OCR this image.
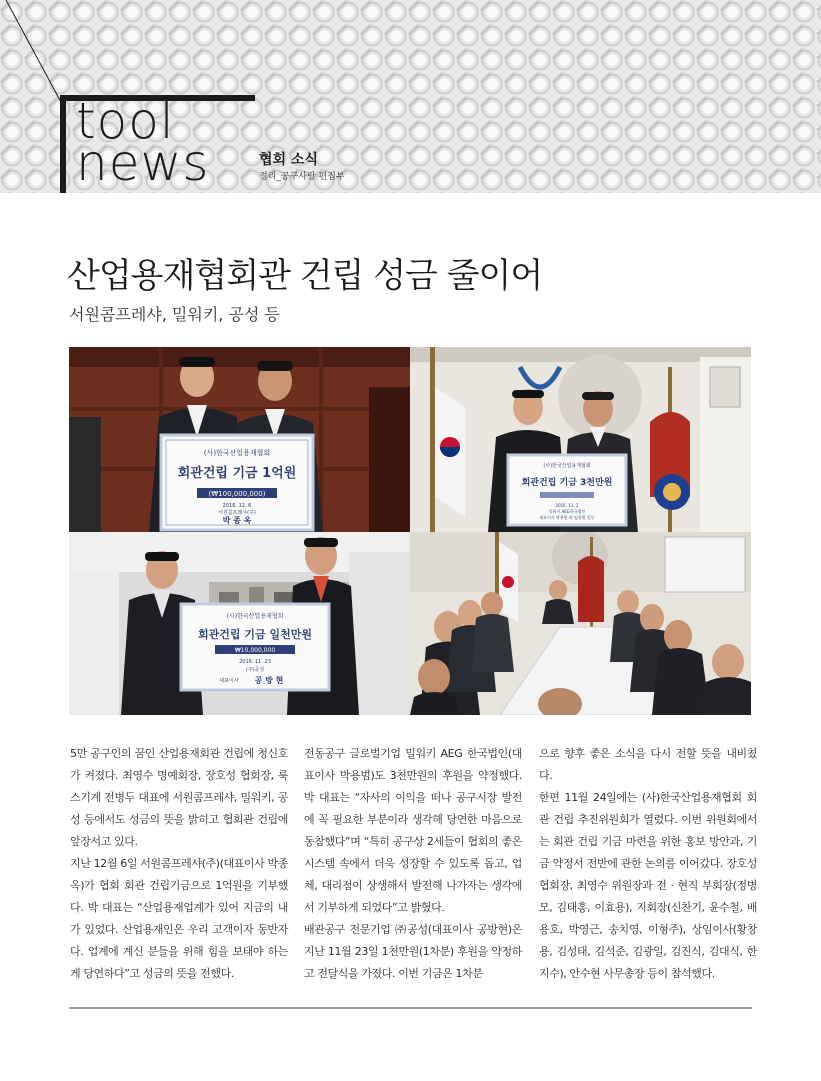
tool
news	협회 소식
정리_공구사랑 편집부
산업용재협회관 건립 성금 줄이어
서원콤프레샤, 밀워키, 공성 등
(사)한국산업용재협회
회관건립 기금 1억원
(₩100,000,000)
2016. 12. 6
서원콤프레샤(주)
박 종 옥
(사)한국산업용재협회
회관건립 기금 3천만원
2016. 11. 2
밀워키 AEG한국법인
대표이사 박용범 외 임직원 일동
(사)한국산업용재협회
회관건립 기금 일천만원
₩10,000,000
2016. 11. 23
(주)공성
대표이사 공 방 현

5만 공구인의 꿈인 산업용재회관 건립에 청신호가 켜졌다. 최영수 명예회장, 장호성 협회장, 룩스기계 전병두 대표에 서원콤프레샤, 밀워키, 공성 등에서도 성금의 뜻을 밝히고 협회관 건립에 앞장서고 있다.

지난 12월 6일 서원콤프레샤(주)(대표이사 박종옥)가 협회 회관 건립기금으로 1억원을 기부했다. 박 대표는 “산업용재업계가 있어 지금의 내가 있었다. 산업용재인은 우리 고객이자 동반자다. 업계에 계신 분들을 위해 힘을 보태야 하는 게 당연하다”고 성금의 뜻을 전했다.

전동공구 글로벌기업 밀워키 AEG 한국법인(대표이사 박용범)도 3천만원의 후원을 약정했다. 박 대표는 “자사의 이익을 떠나 공구시장 발전에 꼭 필요한 부분이라 생각해 당연한 마음으로 동참했다”며 “특히 공구상 2세들이 협회의 좋은 시스템 속에서 더욱 성장할 수 있도록 돕고, 업체, 대리점이 상생해서 발전해 나가자는 생각에서 기부하게 되었다”고 밝혔다.

배관공구 전문기업 ㈜공성(대표이사 공방현)은 지난 11월 23일 1천만원(1차분) 후원을 약정하고 전달식을 가졌다. 이번 기금은 1차분

으로 향후 좋은 소식을 다시 전할 뜻을 내비쳤다.

한편 11월 24일에는 (사)한국산업용재협회 회관 건립 추진위원회가 열렸다. 이번 위원회에서는 회관 건립 기금 마련을 위한 홍보 방안과, 기금 약정서 전반에 관한 논의를 이어갔다. 장호성 협회장, 최영수 위원장과 전 · 현직 부회장(정병모, 김태홍, 이효용), 지회장(신찬기, 윤수철, 배용호, 박영근, 송치영, 이형주), 상임이사(황창용, 김성태, 김석준, 김광일, 김진식, 김대식, 한지수), 안수현 사무총장 등이 참석했다.
